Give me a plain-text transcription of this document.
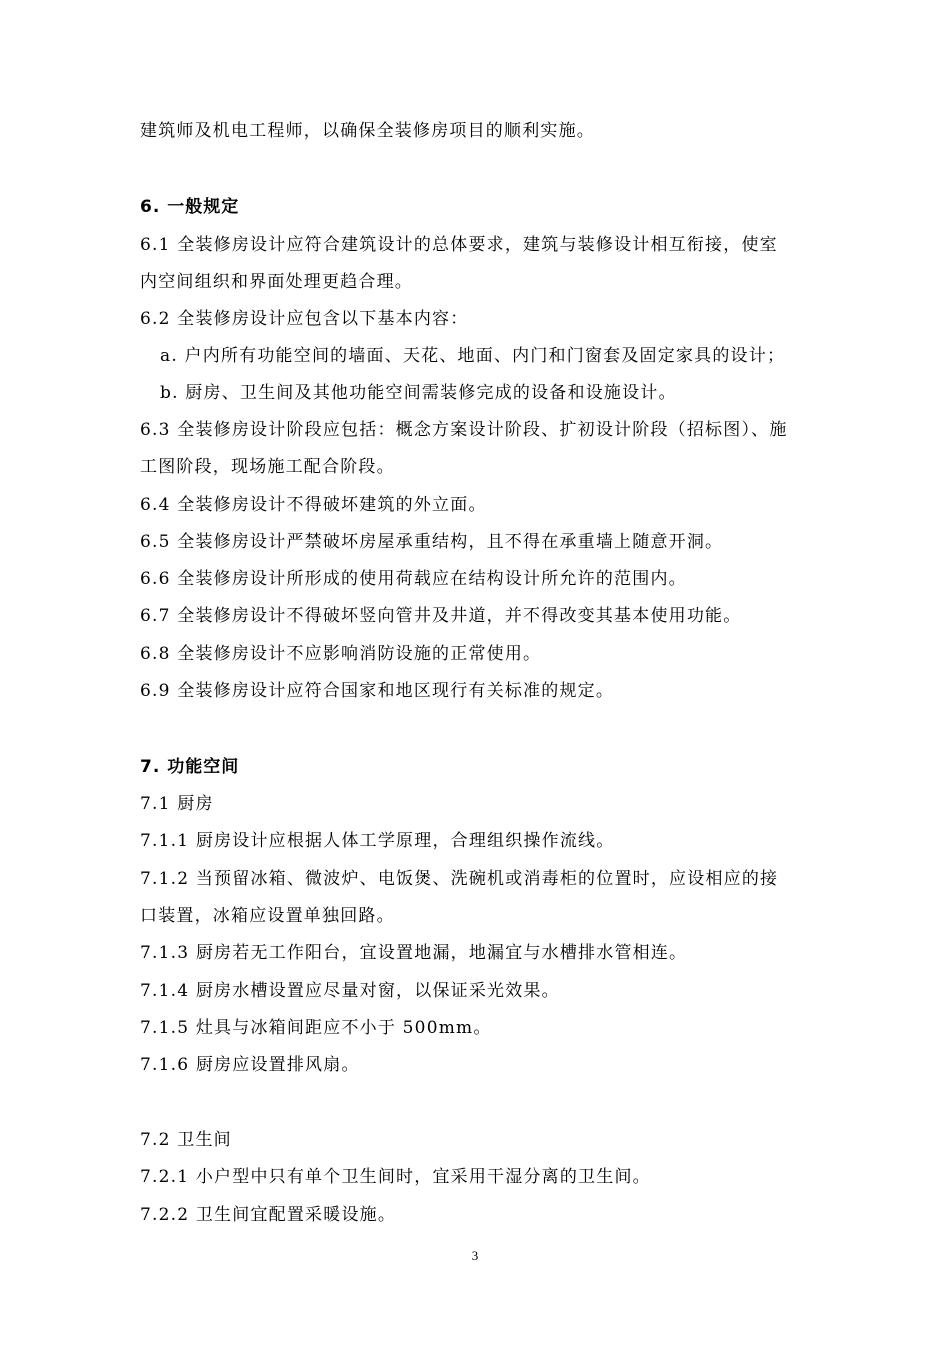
建筑师及机电工程师，以确保全装修房项目的顺利实施。
6. 一般规定
6.1 全装修房设计应符合建筑设计的总体要求，建筑与装修设计相互衔接，使室
内空间组织和界面处理更趋合理。
6.2 全装修房设计应包含以下基本内容：
a. 户内所有功能空间的墙面、天花、地面、内门和门窗套及固定家具的设计；
b. 厨房、卫生间及其他功能空间需装修完成的设备和设施设计。
6.3 全装修房设计阶段应包括：概念方案设计阶段、扩初设计阶段（招标图）、施
工图阶段，现场施工配合阶段。
6.4 全装修房设计不得破坏建筑的外立面。
6.5 全装修房设计严禁破坏房屋承重结构，且不得在承重墙上随意开洞。
6.6 全装修房设计所形成的使用荷载应在结构设计所允许的范围内。
6.7 全装修房设计不得破坏竖向管井及井道，并不得改变其基本使用功能。
6.8 全装修房设计不应影响消防设施的正常使用。
6.9 全装修房设计应符合国家和地区现行有关标准的规定。
7. 功能空间
7.1 厨房
7.1.1 厨房设计应根据人体工学原理，合理组织操作流线。
7.1.2 当预留冰箱、微波炉、电饭煲、洗碗机或消毒柜的位置时，应设相应的接
口装置，冰箱应设置单独回路。
7.1.3 厨房若无工作阳台，宜设置地漏，地漏宜与水槽排水管相连。
7.1.4 厨房水槽设置应尽量对窗，以保证采光效果。
7.1.5 灶具与冰箱间距应不小于 500mm。
7.1.6 厨房应设置排风扇。
7.2 卫生间
7.2.1 小户型中只有单个卫生间时，宜采用干湿分离的卫生间。
7.2.2 卫生间宜配置采暖设施。
3
